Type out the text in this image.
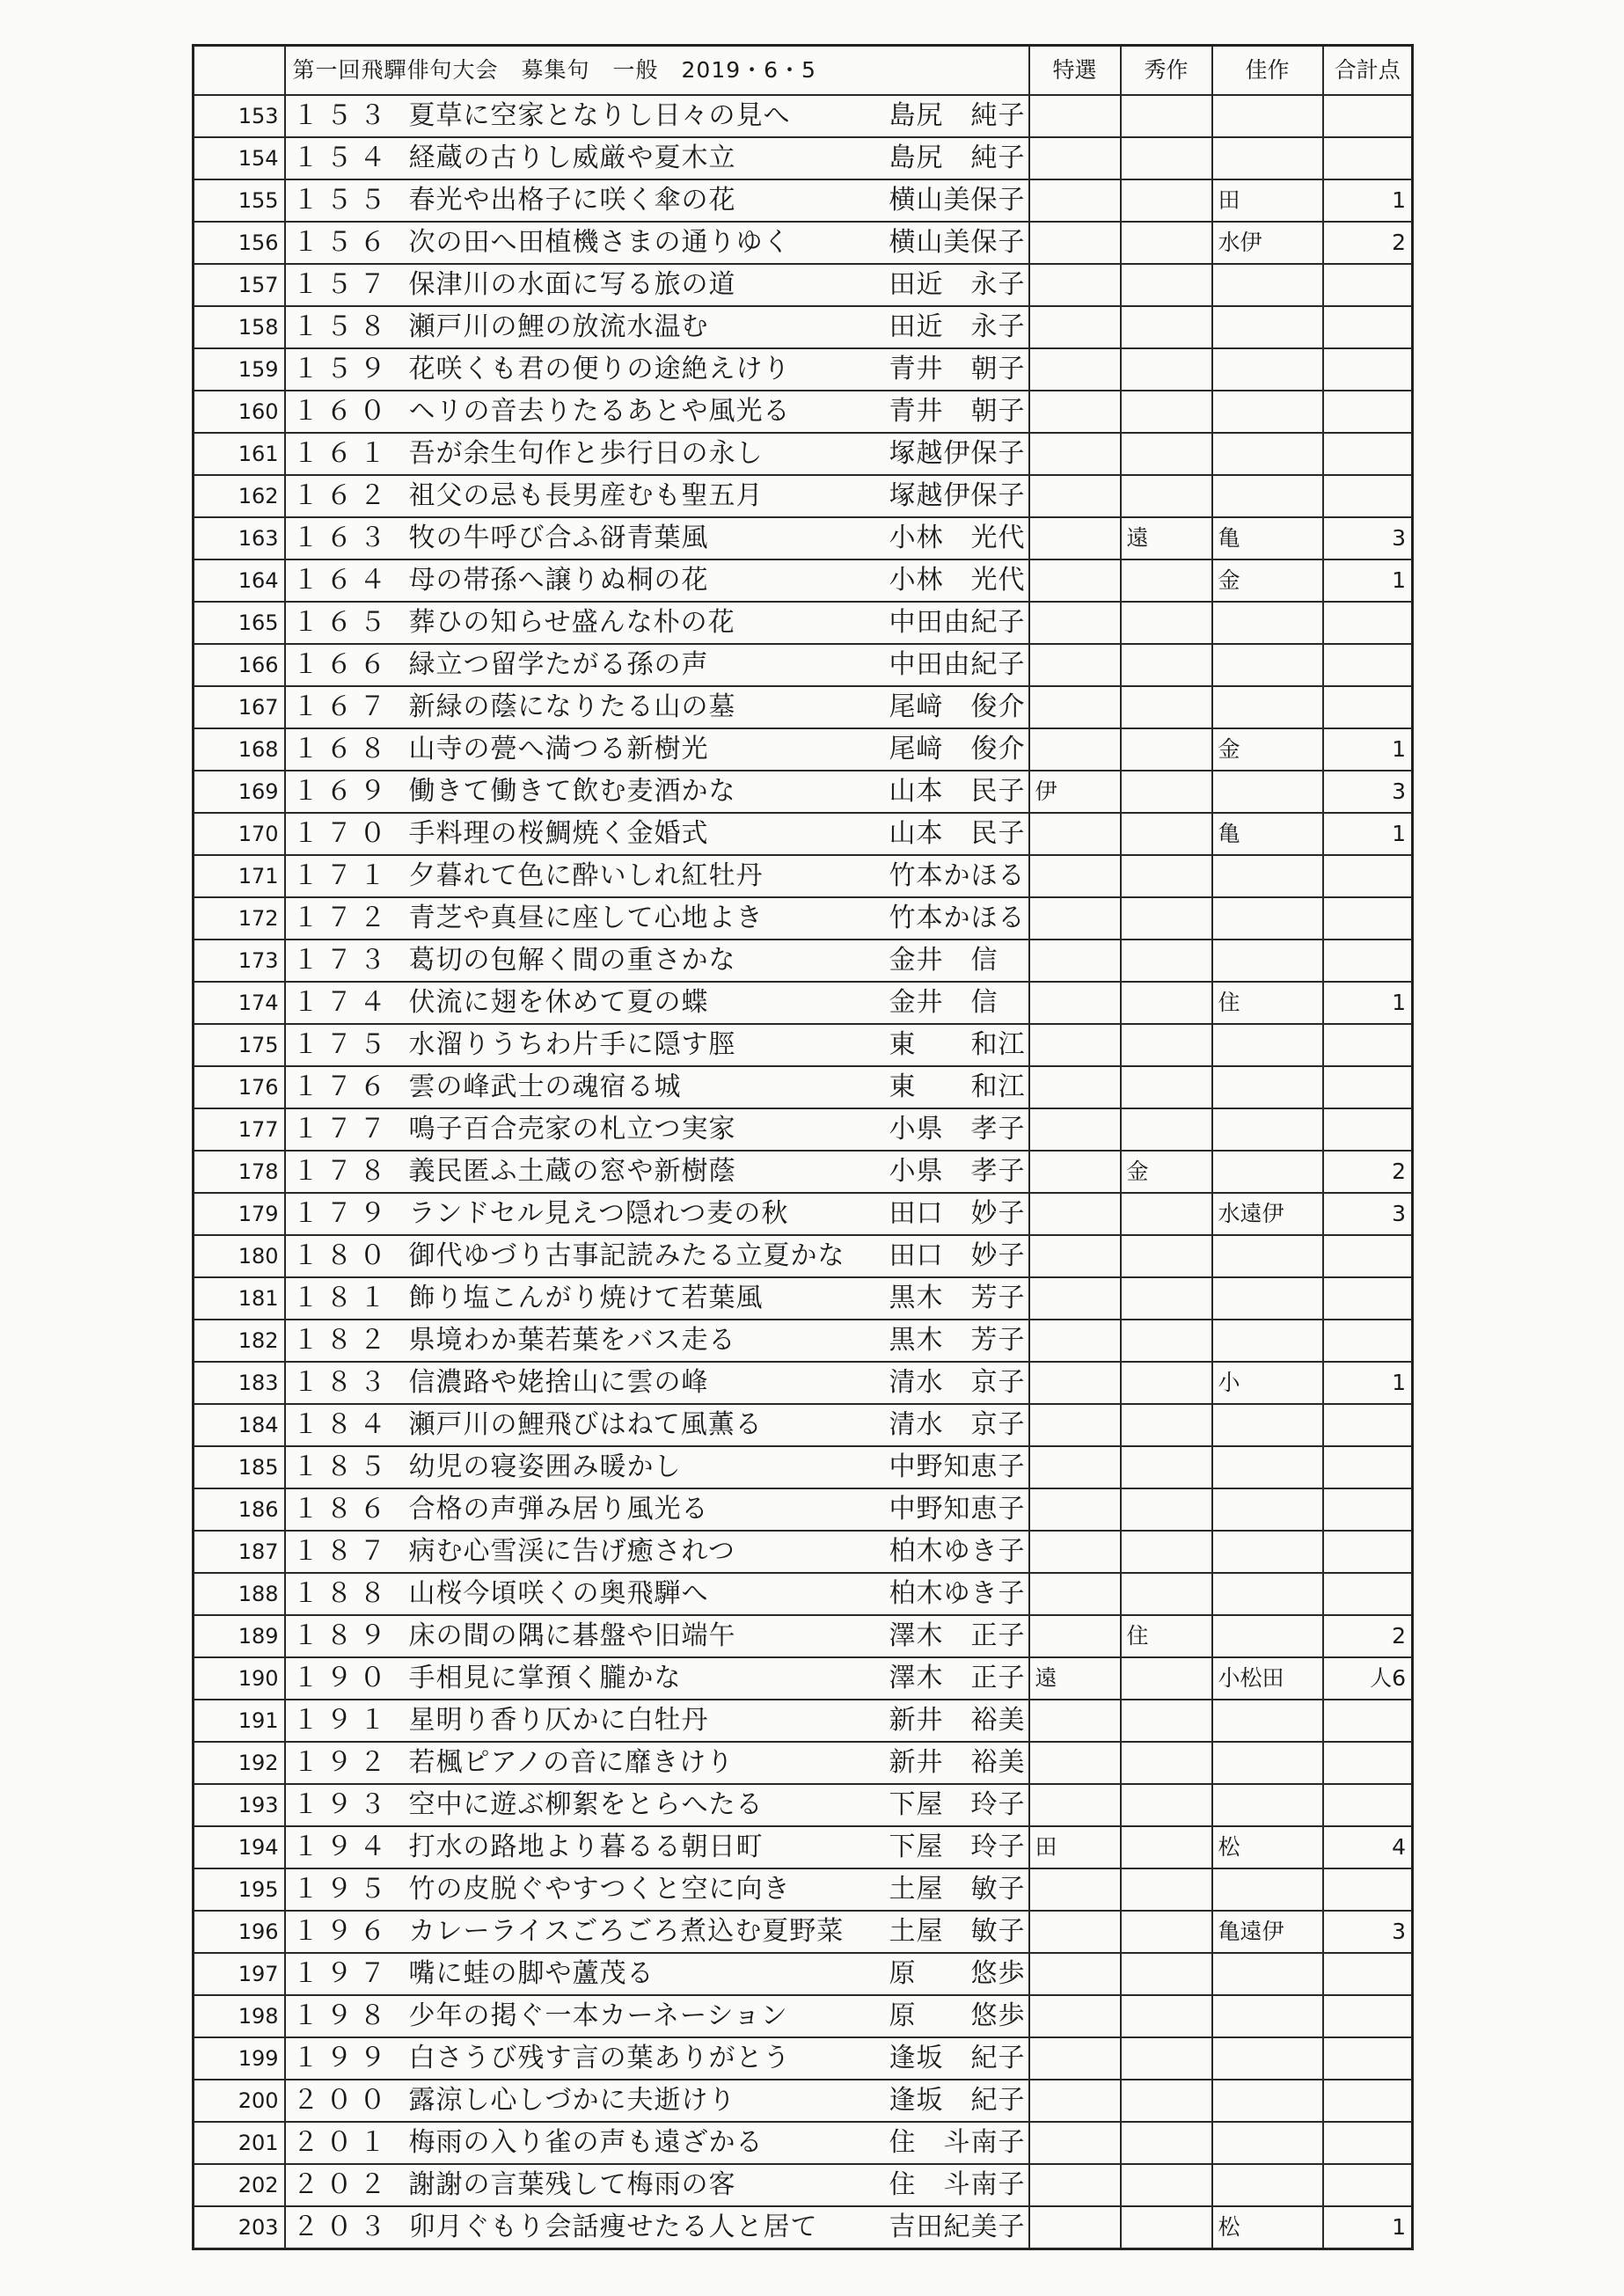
	第一回飛驒俳句大会　募集句　一般　2019・6・5	特選	秀作	佳作	合計点
153	１５３ 夏草に空家となりし日々の見へ 島尻　純子				

154	１５４ 経蔵の古りし威厳や夏木立 島尻　純子				

155	１５５ 春光や出格子に咲く傘の花 横山美保子			田	1
156	１５６ 次の田へ田植機さまの通りゆく 横山美保子			水伊	2
157	１５７ 保津川の水面に写る旅の道 田近　永子				

158	１５８ 瀬戸川の鯉の放流水温む 田近　永子				

159	１５９ 花咲くも君の便りの途絶えけり 青井　朝子				

160	１６０ ヘリの音去りたるあとや風光る 青井　朝子				

161	１６１ 吾が余生句作と歩行日の永し 塚越伊保子				

162	１６２ 祖父の忌も長男産むも聖五月 塚越伊保子				

163	１６３ 牧の牛呼び合ふ谺青葉風 小林　光代		遠	亀	3
164	１６４ 母の帯孫へ譲りぬ桐の花 小林　光代			金	1
165	１６５ 葬ひの知らせ盛んな朴の花 中田由紀子				

166	１６６ 緑立つ留学たがる孫の声 中田由紀子				

167	１６７ 新緑の蔭になりたる山の墓 尾﨑　俊介				

168	１６８ 山寺の甍へ満つる新樹光 尾﨑　俊介			金	1
169	１６９ 働きて働きて飲む麦酒かな 山本　民子	伊			3
170	１７０ 手料理の桜鯛焼く金婚式 山本　民子			亀	1
171	１７１ 夕暮れて色に酔いしれ紅牡丹 竹本かほる				

172	１７２ 青芝や真昼に座して心地よき 竹本かほる				

173	１７３ 葛切の包解く間の重さかな 金井　信				

174	１７４ 伏流に翅を休めて夏の蝶 金井　信			住	1
175	１７５ 水溜りうちわ片手に隠す脛 東　　和江				

176	１７６ 雲の峰武士の魂宿る城 東　　和江				

177	１７７ 鳴子百合売家の札立つ実家 小県　孝子				

178	１７８ 義民匿ふ土蔵の窓や新樹蔭 小県　孝子		金		2
179	１７９ ランドセル見えつ隠れつ麦の秋 田口　妙子			水遠伊	3
180	１８０ 御代ゆづり古事記読みたる立夏かな 田口　妙子				

181	１８１ 飾り塩こんがり焼けて若葉風 黒木　芳子				

182	１８２ 県境わか葉若葉をバス走る 黒木　芳子				

183	１８３ 信濃路や姥捨山に雲の峰 清水　京子			小	1
184	１８４ 瀬戸川の鯉飛びはねて風薫る 清水　京子				

185	１８５ 幼児の寝姿囲み暖かし 中野知恵子				

186	１８６ 合格の声弾み居り風光る 中野知恵子				

187	１８７ 病む心雪渓に告げ癒されつ 柏木ゆき子				

188	１８８ 山桜今頃咲くの奥飛騨へ 柏木ゆき子				

189	１８９ 床の間の隅に碁盤や旧端午 澤木　正子		住		2
190	１９０ 手相見に掌預く朧かな 澤木　正子	遠		小松田	人6
191	１９１ 星明り香り仄かに白牡丹 新井　裕美				

192	１９２ 若楓ピアノの音に靡きけり 新井　裕美				

193	１９３ 空中に遊ぶ柳絮をとらへたる 下屋　玲子				

194	１９４ 打水の路地より暮るる朝日町 下屋　玲子	田		松	4
195	１９５ 竹の皮脱ぐやすつくと空に向き 土屋　敏子				

196	１９６ カレーライスごろごろ煮込む夏野菜 土屋　敏子			亀遠伊	3
197	１９７ 嘴に蛙の脚や蘆茂る 原　　悠歩				

198	１９８ 少年の掲ぐ一本カーネーション 原　　悠歩				

199	１９９ 白さうび残す言の葉ありがとう 逢坂　紀子				

200	２００ 露涼し心しづかに夫逝けり 逢坂　紀子				

201	２０１ 梅雨の入り雀の声も遠ざかる 住　斗南子				

202	２０２ 謝謝の言葉残して梅雨の客 住　斗南子				

203	２０３ 卯月ぐもり会話痩せたる人と居て 吉田紀美子			松	1
